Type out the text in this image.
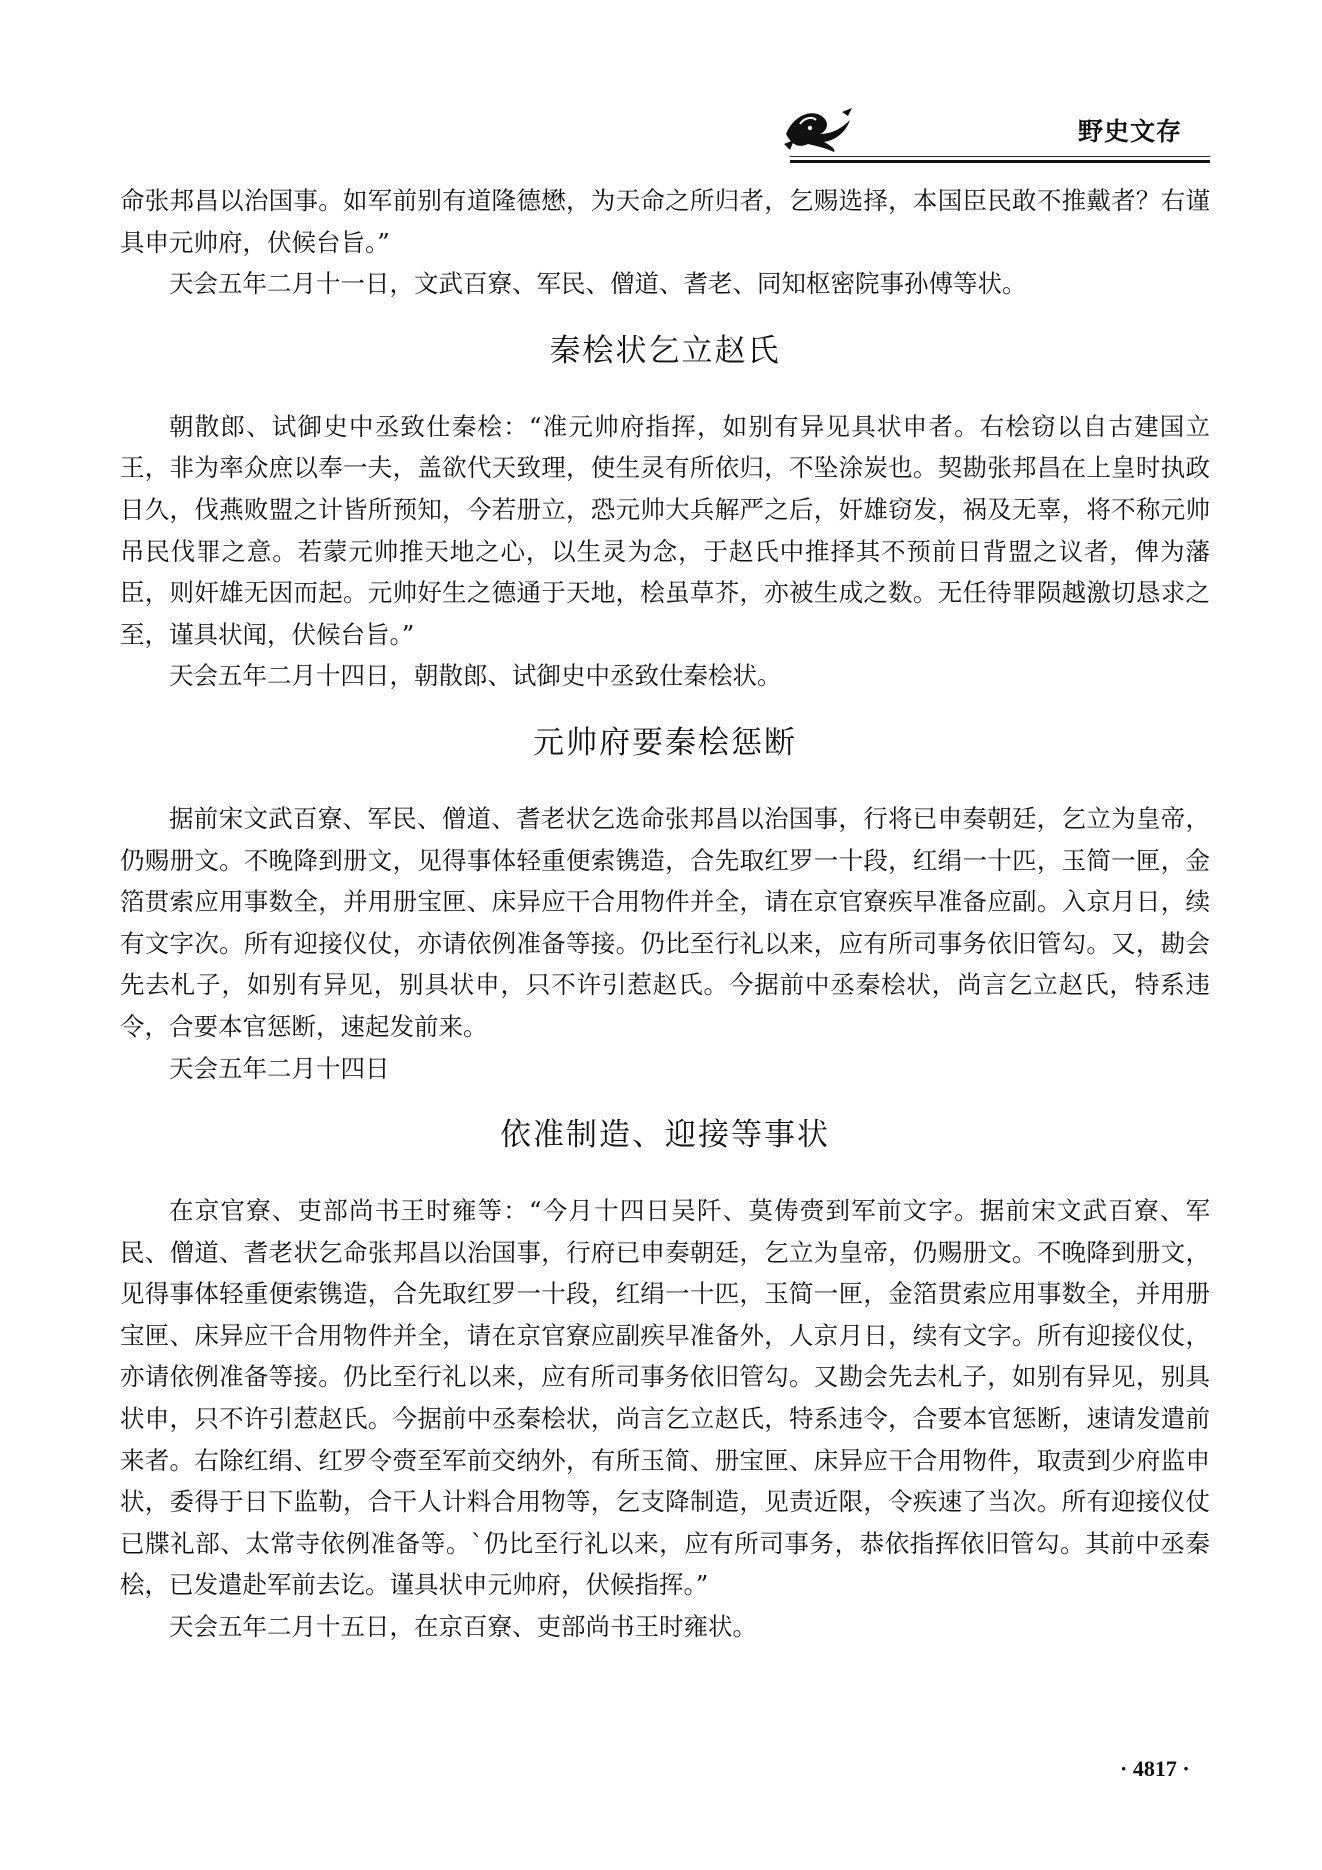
野史文存

命张邦昌以治国事。如军前别有道隆德懋，为天命之所归者，乞赐选择，本国臣民敢不推戴者？右谨具申元帅府，伏候台旨。”

天会五年二月十一日，文武百寮、军民、僧道、耆老、同知枢密院事孙傅等状。

秦桧状乞立赵氏

朝散郎、试御史中丞致仕秦桧：“准元帅府指挥，如别有异见具状申者。右桧窃以自古建国立王，非为率众庶以奉一夫，盖欲代天致理，使生灵有所依归，不坠涂炭也。契勘张邦昌在上皇时执政日久，伐燕败盟之计皆所预知，今若册立，恐元帅大兵解严之后，奸雄窃发，祸及无辜，将不称元帅吊民伐罪之意。若蒙元帅推天地之心，以生灵为念，于赵氏中推择其不预前日背盟之议者，俾为藩臣，则奸雄无因而起。元帅好生之德通于天地，桧虽草芥，亦被生成之数。无任待罪陨越激切恳求之至，谨具状闻，伏候台旨。”

天会五年二月十四日，朝散郎、试御史中丞致仕秦桧状。

元帅府要秦桧惩断

据前宋文武百寮、军民、僧道、耆老状乞选命张邦昌以治国事，行将已申奏朝廷，乞立为皇帝，仍赐册文。不晚降到册文，见得事体轻重便索镌造，合先取红罗一十段，红绢一十匹，玉简一匣，金箔贯索应用事数全，并用册宝匣、床异应干合用物件并全，请在京官寮疾早准备应副。入京月日，续有文字次。所有迎接仪仗，亦请依例准备等接。仍比至行礼以来，应有所司事务依旧管勾。又，勘会先去札子，如别有异见，别具状申，只不许引惹赵氏。今据前中丞秦桧状，尚言乞立赵氏，特系违令，合要本官惩断，速起发前来。

天会五年二月十四日

依准制造、迎接等事状

在京官寮、吏部尚书王时雍等：“今月十四日吴阡、莫俦赍到军前文字。据前宋文武百寮、军民、僧道、耆老状乞命张邦昌以治国事，行府已申奏朝廷，乞立为皇帝，仍赐册文。不晚降到册文，见得事体轻重便索镌造，合先取红罗一十段，红绢一十匹，玉简一匣，金箔贯索应用事数全，并用册宝匣、床异应干合用物件并全，请在京官寮应副疾早准备外，人京月日，续有文字。所有迎接仪仗，亦请依例准备等接。仍比至行礼以来，应有所司事务依旧管勾。又勘会先去札子，如别有异见，别具状申，只不许引惹赵氏。今据前中丞秦桧状，尚言乞立赵氏，特系违令，合要本官惩断，速请发遣前来者。右除红绢、红罗令赍至军前交纳外，有所玉简、册宝匣、床异应干合用物件，取责到少府监申状，委得于日下监勒，合干人计料合用物等，乞支降制造，见责近限，令疾速了当次。所有迎接仪仗已牒礼部、太常寺依例准备等。`仍比至行礼以来，应有所司事务，恭依指挥依旧管勾。其前中丞秦桧，已发遣赴军前去讫。谨具状申元帅府，伏候指挥。”

天会五年二月十五日，在京百寮、吏部尚书王时雍状。

· 4817 ·
